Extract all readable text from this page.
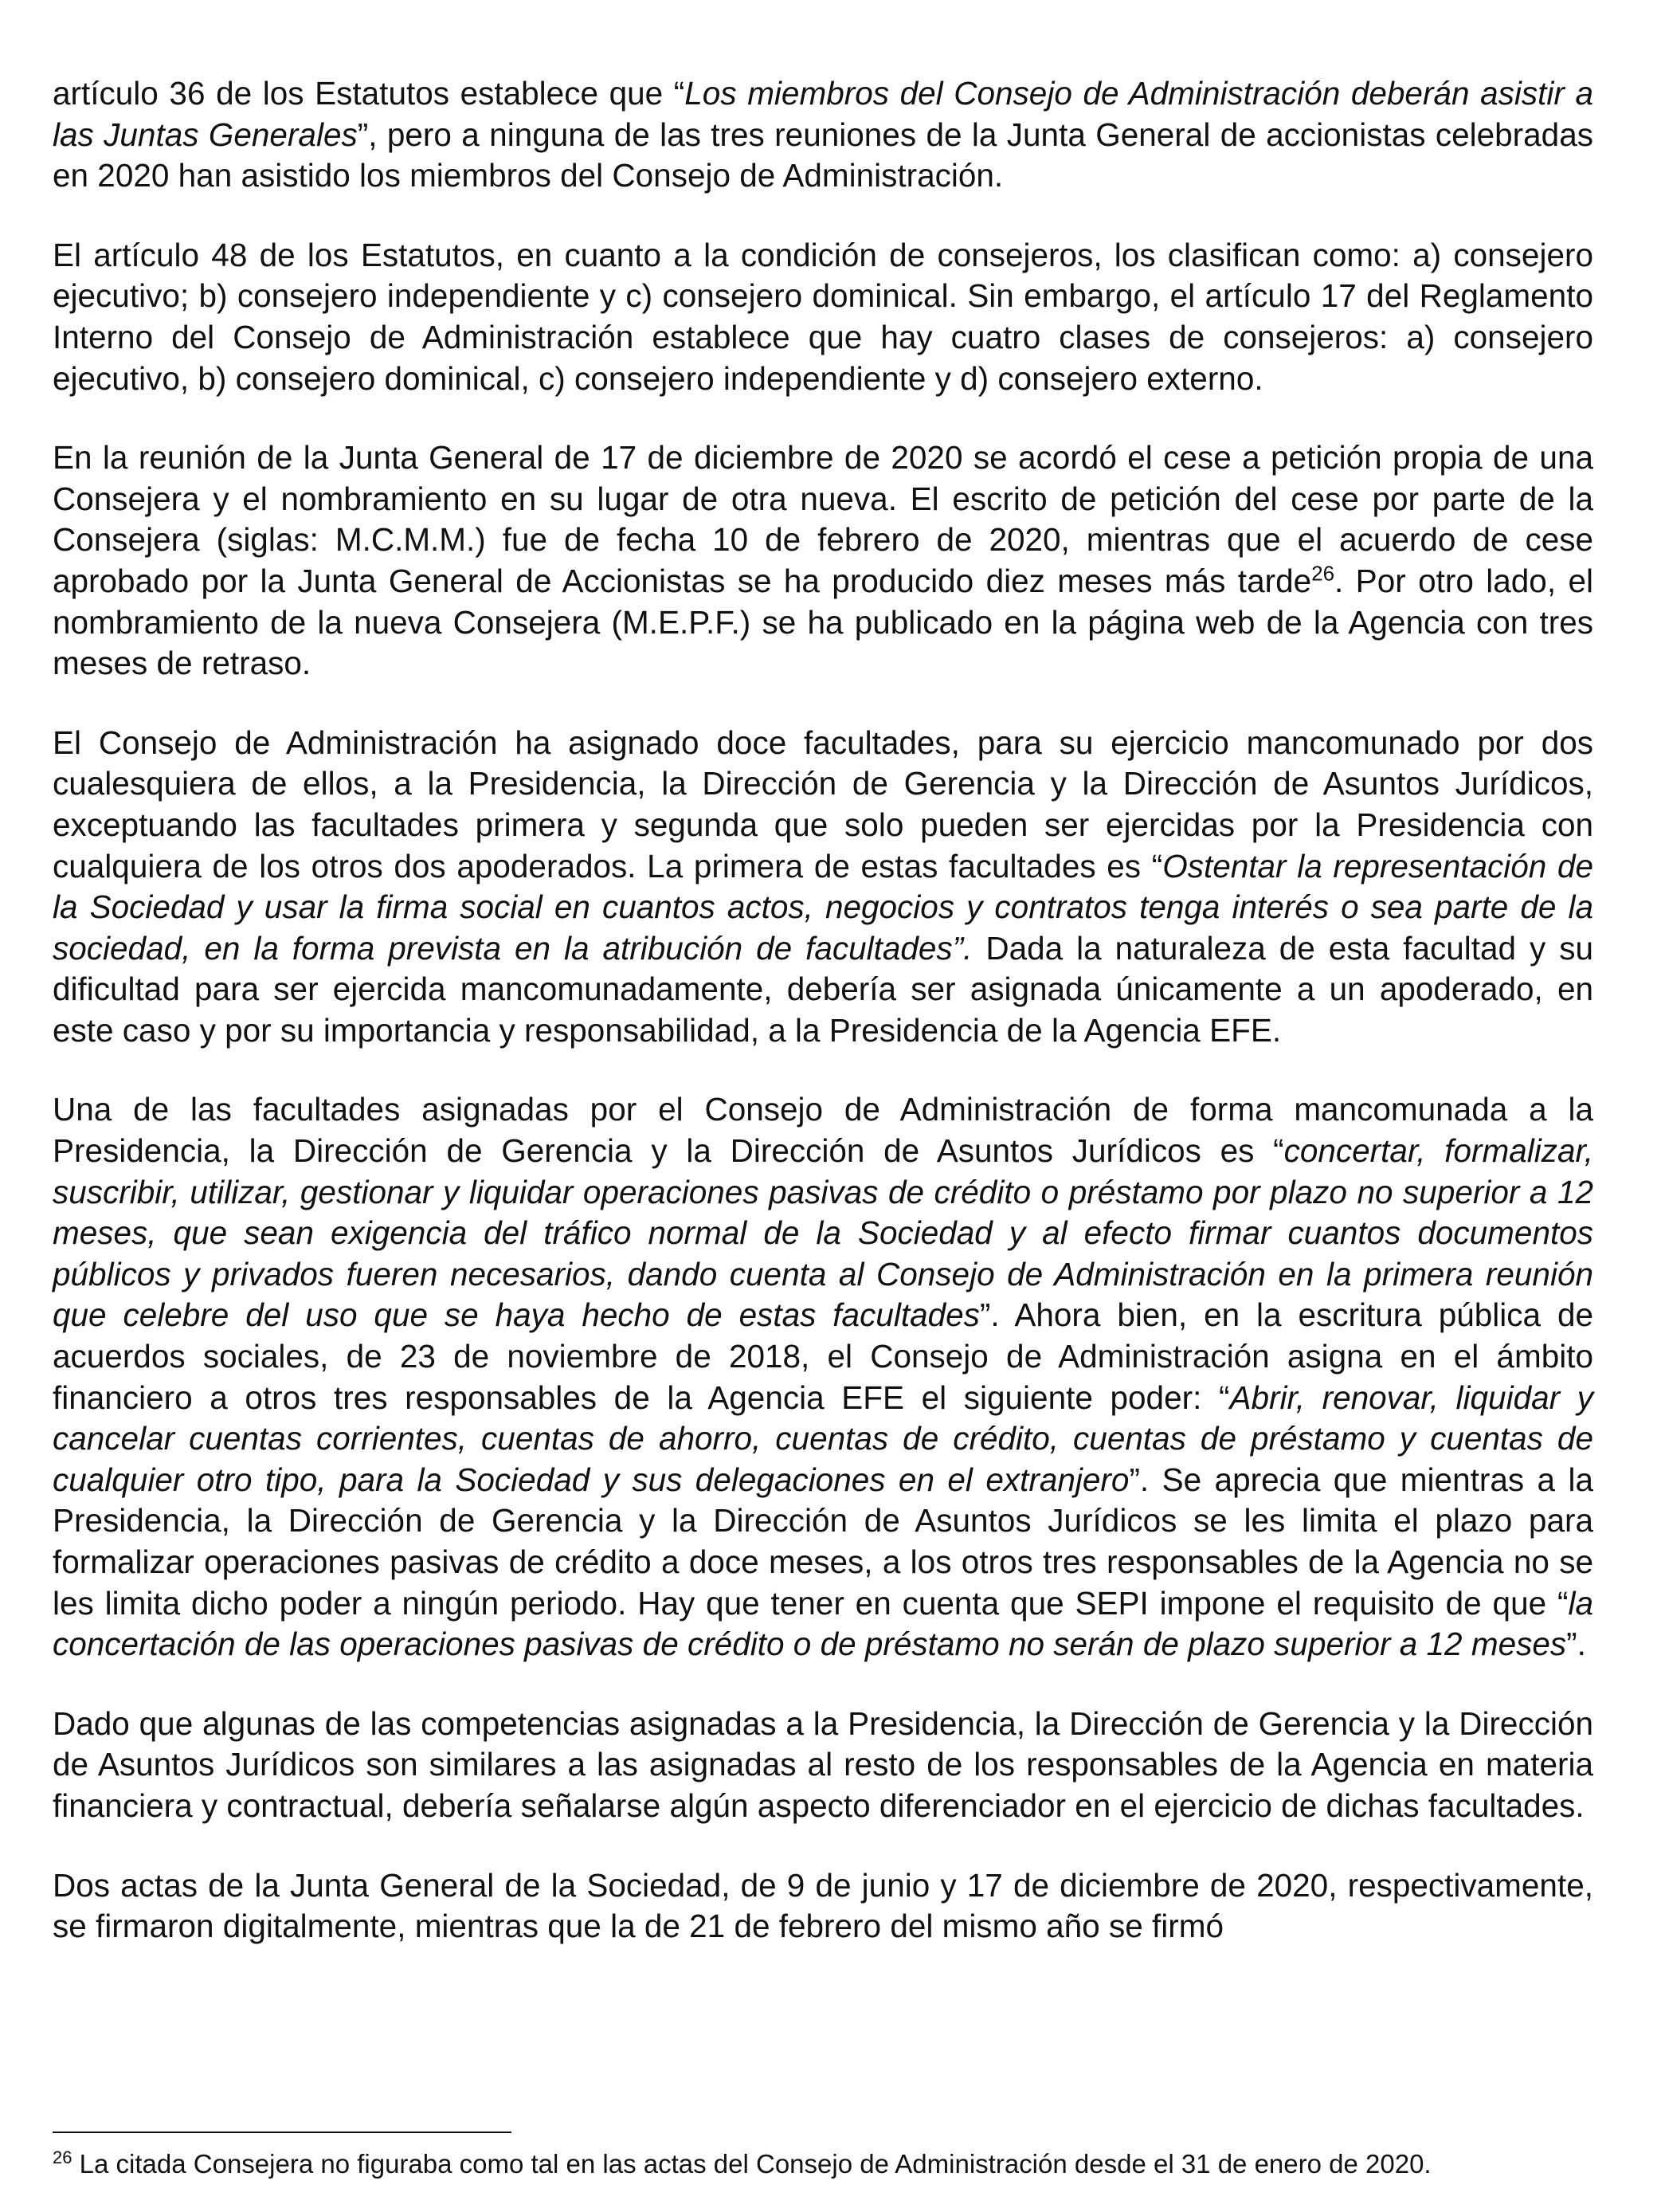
artículo 36 de los Estatutos establece que “Los miembros del Consejo de Administración deberán asistir a las Juntas Generales”, pero a ninguna de las tres reuniones de la Junta General de accionistas celebradas en 2020 han asistido los miembros del Consejo de Administración.

El artículo 48 de los Estatutos, en cuanto a la condición de consejeros, los clasifican como: a) consejero ejecutivo; b) consejero independiente y c) consejero dominical. Sin embargo, el artículo 17 del Reglamento Interno del Consejo de Administración establece que hay cuatro clases de consejeros: a) consejero ejecutivo, b) consejero dominical, c) consejero independiente y d) consejero externo.

En la reunión de la Junta General de 17 de diciembre de 2020 se acordó el cese a petición propia de una Consejera y el nombramiento en su lugar de otra nueva. El escrito de petición del cese por parte de la Consejera (siglas: M.C.M.M.) fue de fecha 10 de febrero de 2020, mientras que el acuerdo de cese aprobado por la Junta General de Accionistas se ha producido diez meses más tarde$^{26}$. Por otro lado, el nombramiento de la nueva Consejera (M.E.P.F.) se ha publicado en la página web de la Agencia con tres meses de retraso.

El Consejo de Administración ha asignado doce facultades, para su ejercicio mancomunado por dos cualesquiera de ellos, a la Presidencia, la Dirección de Gerencia y la Dirección de Asuntos Jurídicos, exceptuando las facultades primera y segunda que solo pueden ser ejercidas por la Presidencia con cualquiera de los otros dos apoderados. La primera de estas facultades es “Ostentar la representación de la Sociedad y usar la firma social en cuantos actos, negocios y contratos tenga interés o sea parte de la sociedad, en la forma prevista en la atribución de facultades”. Dada la naturaleza de esta facultad y su dificultad para ser ejercida mancomunadamente, debería ser asignada únicamente a un apoderado, en este caso y por su importancia y responsabilidad, a la Presidencia de la Agencia EFE.

Una de las facultades asignadas por el Consejo de Administración de forma mancomunada a la Presidencia, la Dirección de Gerencia y la Dirección de Asuntos Jurídicos es “concertar, formalizar, suscribir, utilizar, gestionar y liquidar operaciones pasivas de crédito o préstamo por plazo no superior a 12 meses, que sean exigencia del tráfico normal de la Sociedad y al efecto firmar cuantos documentos públicos y privados fueren necesarios, dando cuenta al Consejo de Administración en la primera reunión que celebre del uso que se haya hecho de estas facultades”. Ahora bien, en la escritura pública de acuerdos sociales, de 23 de noviembre de 2018, el Consejo de Administración asigna en el ámbito financiero a otros tres responsables de la Agencia EFE el siguiente poder: “Abrir, renovar, liquidar y cancelar cuentas corrientes, cuentas de ahorro, cuentas de crédito, cuentas de préstamo y cuentas de cualquier otro tipo, para la Sociedad y sus delegaciones en el extranjero”. Se aprecia que mientras a la Presidencia, la Dirección de Gerencia y la Dirección de Asuntos Jurídicos se les limita el plazo para formalizar operaciones pasivas de crédito a doce meses, a los otros tres responsables de la Agencia no se les limita dicho poder a ningún periodo. Hay que tener en cuenta que SEPI impone el requisito de que “la concertación de las operaciones pasivas de crédito o de préstamo no serán de plazo superior a 12 meses”.

Dado que algunas de las competencias asignadas a la Presidencia, la Dirección de Gerencia y la Dirección de Asuntos Jurídicos son similares a las asignadas al resto de los responsables de la Agencia en materia financiera y contractual, debería señalarse algún aspecto diferenciador en el ejercicio de dichas facultades.

Dos actas de la Junta General de la Sociedad, de 9 de junio y 17 de diciembre de 2020, respectivamente, se firmaron digitalmente, mientras que la de 21 de febrero del mismo año se firmó

$^{26}$ La citada Consejera no figuraba como tal en las actas del Consejo de Administración desde el 31 de enero de 2020.
